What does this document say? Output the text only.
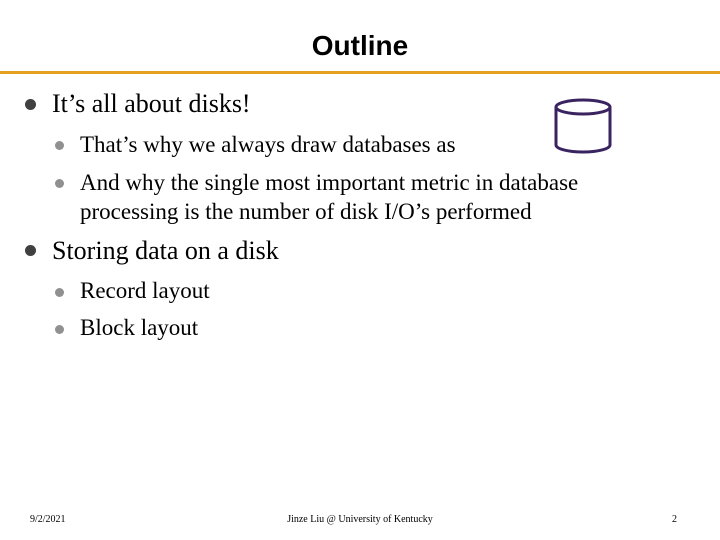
Outline
It’s all about disks!
That’s why we always draw databases as
And why the single most important metric in database
processing is the number of disk I/O’s performed
Storing data on a disk
Record layout
Block layout
9/2/2021	Jinze Liu @ University of Kentucky	2
